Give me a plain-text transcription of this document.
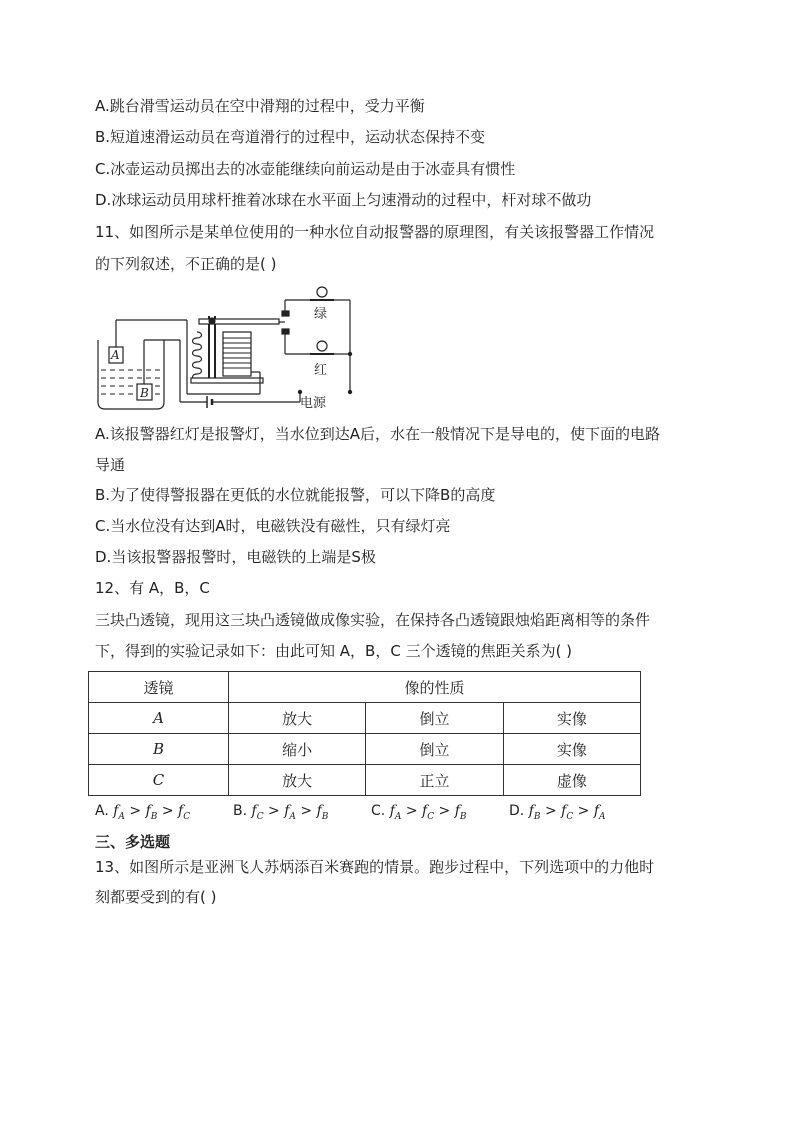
A.跳台滑雪运动员在空中滑翔的过程中，受力平衡
B.短道速滑运动员在弯道滑行的过程中，运动状态保持不变
C.冰壶运动员掷出去的冰壶能继续向前运动是由于冰壶具有惯性
D.冰球运动员用球杆推着冰球在水平面上匀速滑动的过程中，杆对球不做功
11、如图所示是某单位使用的一种水位自动报警器的原理图，有关该报警器工作情况
的下列叙述，不正确的是( )
A
B
绿
红
电源
A.该报警器红灯是报警灯，当水位到达A后，水在一般情况下是导电的，使下面的电路
导通
B.为了使得警报器在更低的水位就能报警，可以下降B的高度
C.当水位没有达到A时，电磁铁没有磁性，只有绿灯亮
D.当该报警器报警时，电磁铁的上端是S极
12、有 A，B，C
三块凸透镜，现用这三块凸透镜做成像实验，在保持各凸透镜跟烛焰距离相等的条件
下，得到的实验记录如下：由此可知 A，B，C 三个透镜的焦距关系为( )
透镜	像的性质		
A	放大	倒立	实像
B	缩小	倒立	实像
C	放大	正立	虚像
A. $f_A > f_B > f_C$	B. $f_C > f_A > f_B$	C. $f_A > f_C > f_B$	D. $f_B > f_C > f_A$
三、多选题
13、如图所示是亚洲飞人苏炳添百米赛跑的情景。跑步过程中，下列选项中的力他时
刻都要受到的有( )
